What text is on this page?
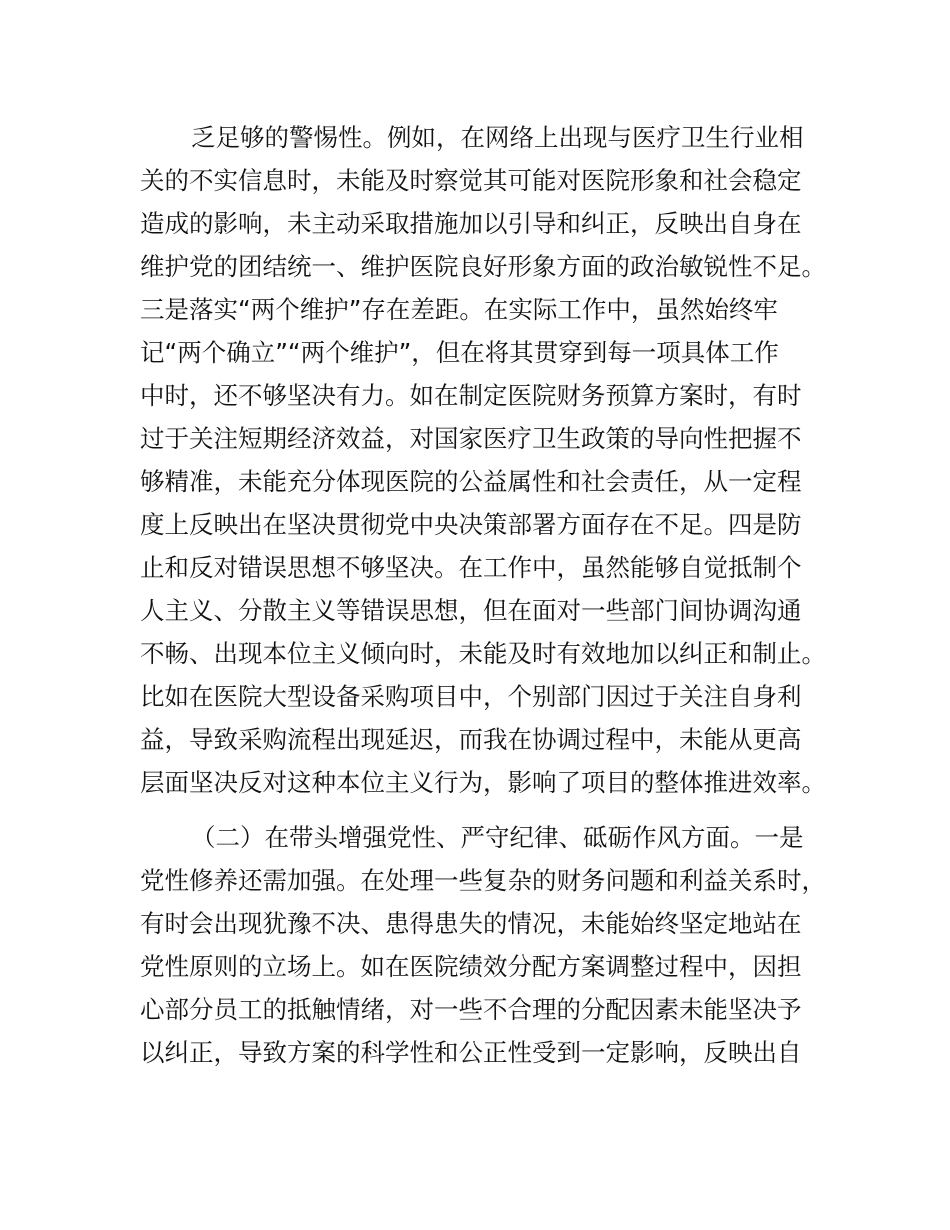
乏足够的警惕性。例如，在网络上出现与医疗卫生行业相

关的不实信息时，未能及时察觉其可能对医院形象和社会稳定

造成的影响，未主动采取措施加以引导和纠正，反映出自身在

维护党的团结统一、维护医院良好形象方面的政治敏锐性不足。

三是落实“两个维护”存在差距。在实际工作中，虽然始终牢

记“两个确立”“两个维护”，但在将其贯穿到每一项具体工作

中时，还不够坚决有力。如在制定医院财务预算方案时，有时

过于关注短期经济效益，对国家医疗卫生政策的导向性把握不

够精准，未能充分体现医院的公益属性和社会责任，从一定程

度上反映出在坚决贯彻党中央决策部署方面存在不足。四是防

止和反对错误思想不够坚决。在工作中，虽然能够自觉抵制个

人主义、分散主义等错误思想，但在面对一些部门间协调沟通

不畅、出现本位主义倾向时，未能及时有效地加以纠正和制止。

比如在医院大型设备采购项目中，个别部门因过于关注自身利

益，导致采购流程出现延迟，而我在协调过程中，未能从更高

层面坚决反对这种本位主义行为，影响了项目的整体推进效率。

（二）在带头增强党性、严守纪律、砥砺作风方面。一是

党性修养还需加强。在处理一些复杂的财务问题和利益关系时，

有时会出现犹豫不决、患得患失的情况，未能始终坚定地站在

党性原则的立场上。如在医院绩效分配方案调整过程中，因担

心部分员工的抵触情绪，对一些不合理的分配因素未能坚决予

以纠正，导致方案的科学性和公正性受到一定影响，反映出自
